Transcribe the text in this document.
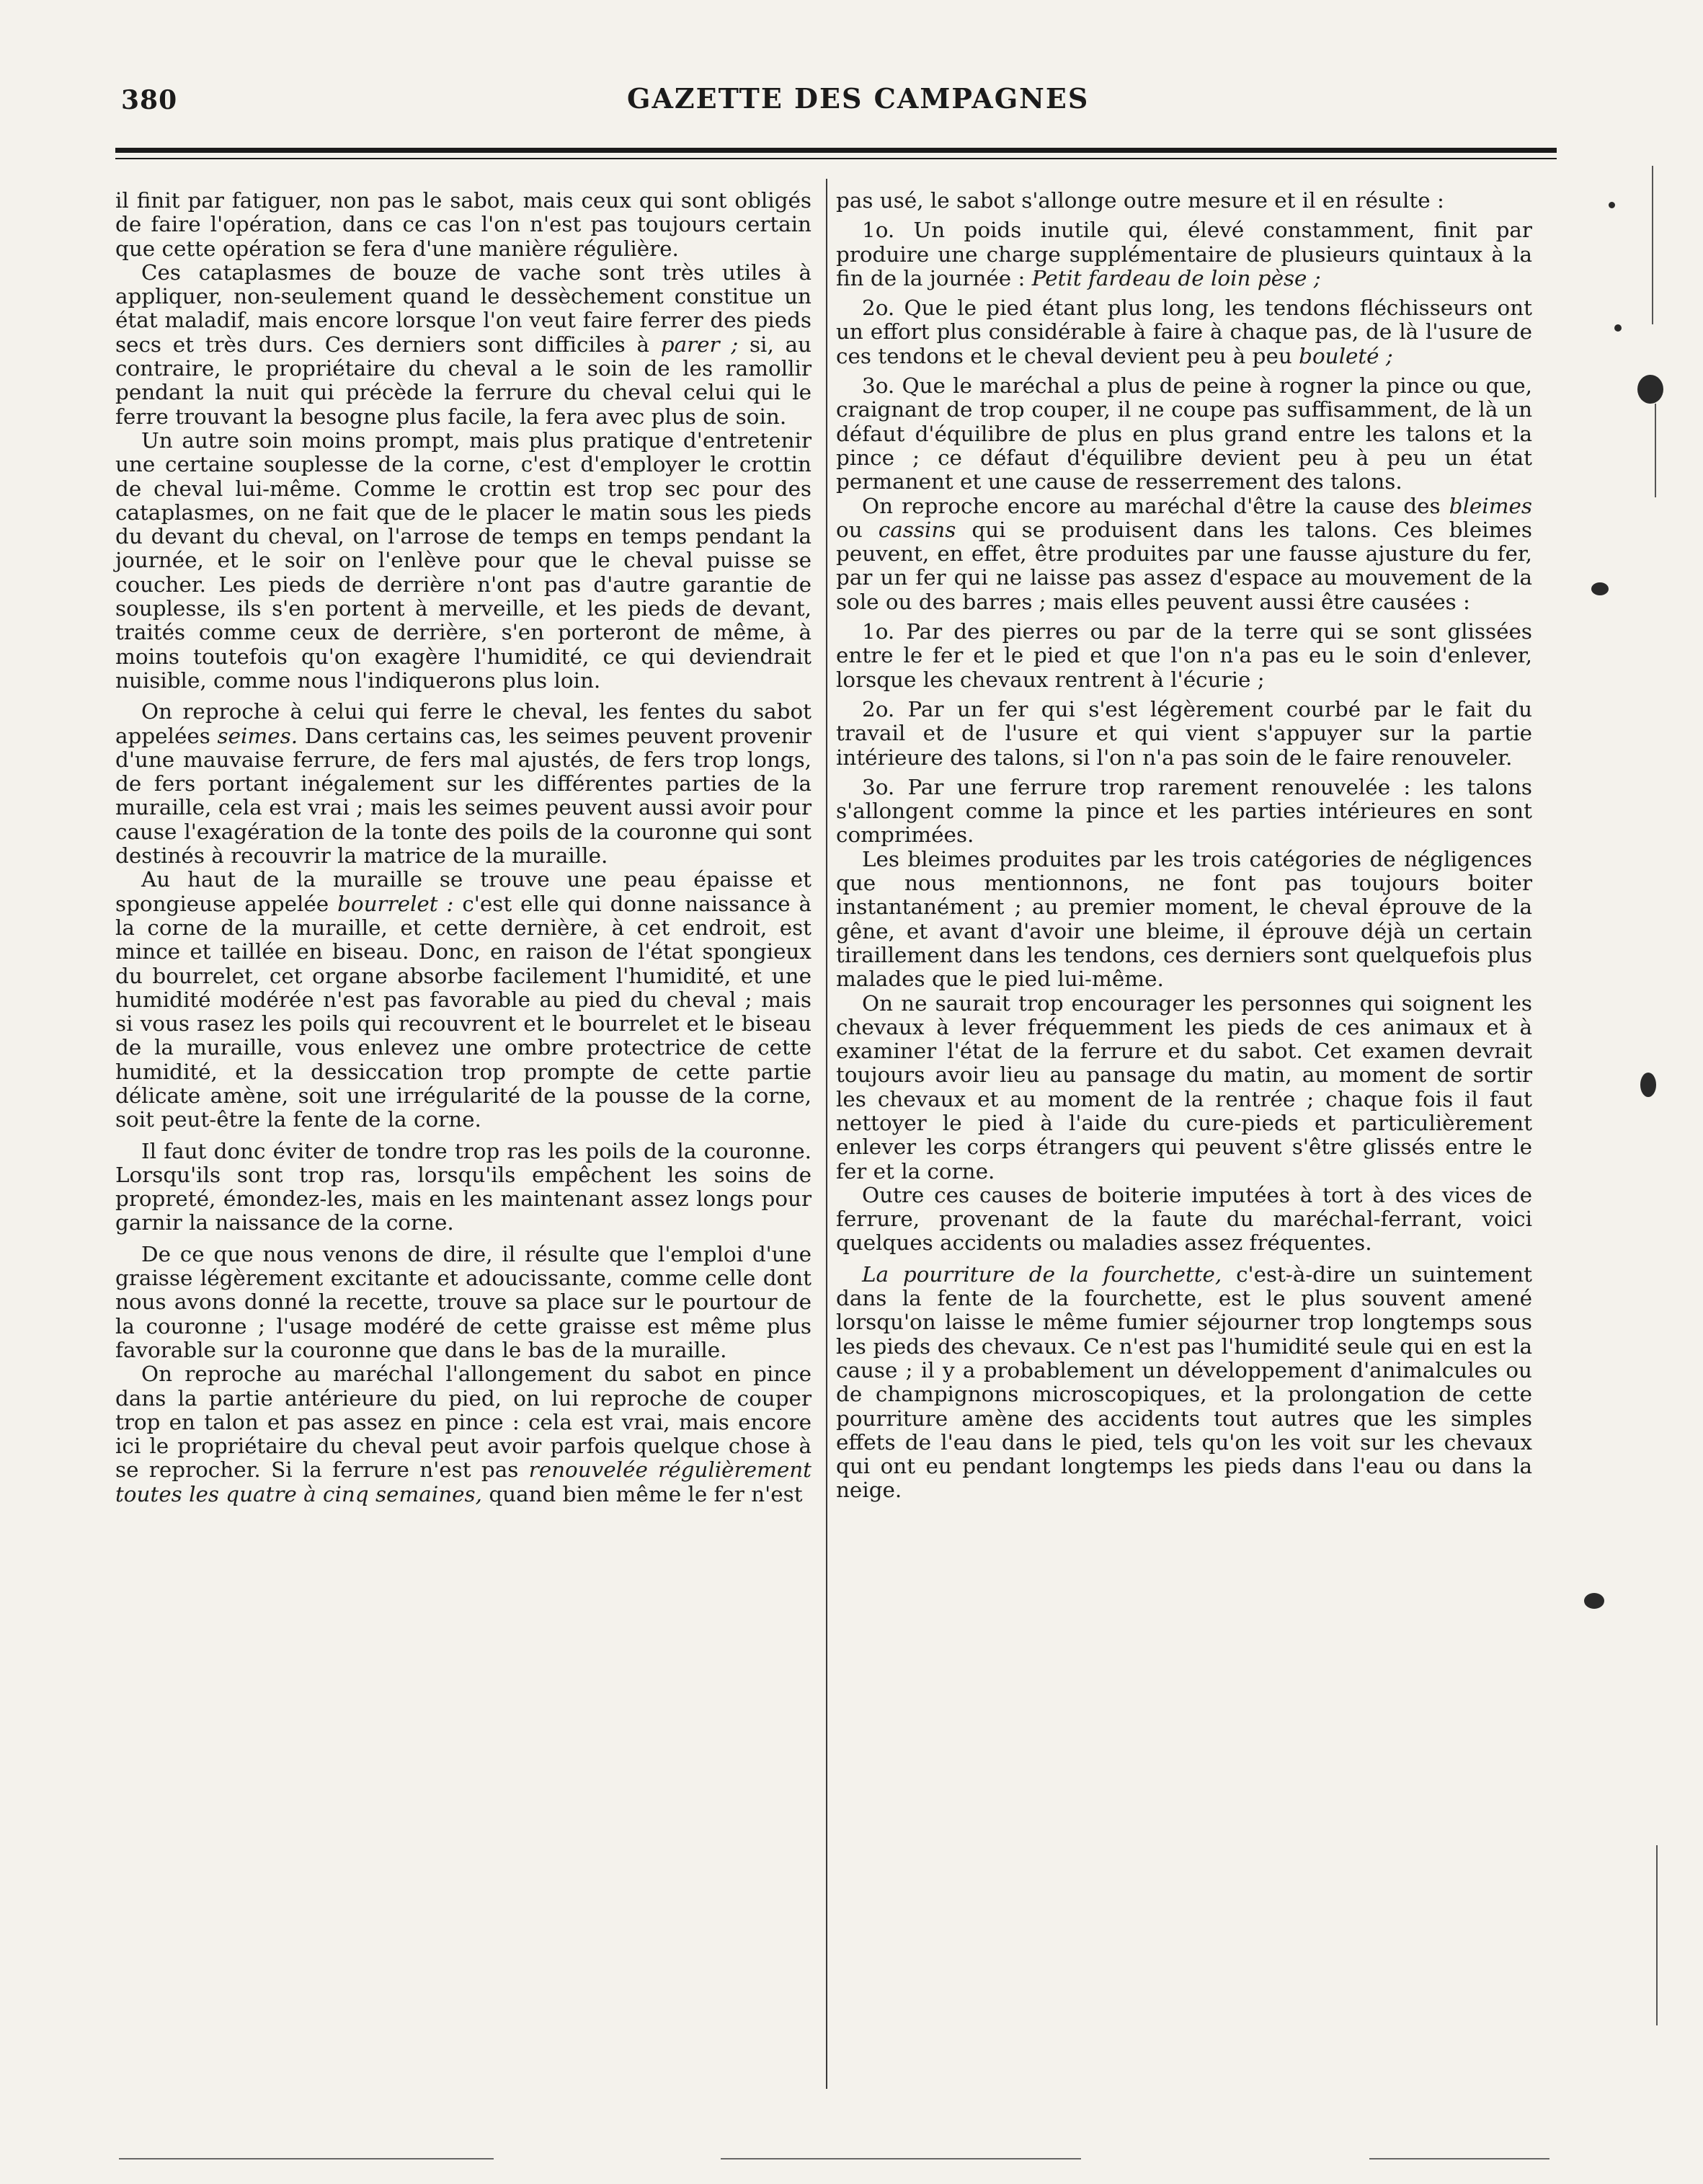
380	GAZETTE DES CAMPAGNES

il finit par fatiguer, non pas le sabot, mais ceux qui sont obligés de faire l'opération, dans ce cas l'on n'est pas toujours certain que cette opération se fera d'une manière régulière.

Ces cataplasmes de bouze de vache sont très utiles à appliquer, non-seulement quand le dessèchement constitue un état maladif, mais encore lorsque l'on veut faire ferrer des pieds secs et très durs. Ces derniers sont difficiles à parer ; si, au contraire, le propriétaire du cheval a le soin de les ramollir pendant la nuit qui précède la ferrure du cheval celui qui le ferre trouvant la besogne plus facile, la fera avec plus de soin.

Un autre soin moins prompt, mais plus pratique d'entretenir une certaine souplesse de la corne, c'est d'employer le crottin de cheval lui-même. Comme le crottin est trop sec pour des cataplasmes, on ne fait que de le placer le matin sous les pieds du devant du cheval, on l'arrose de temps en temps pendant la journée, et le soir on l'enlève pour que le cheval puisse se coucher. Les pieds de derrière n'ont pas d'autre garantie de souplesse, ils s'en portent à merveille, et les pieds de devant, traités comme ceux de derrière, s'en porteront de même, à moins toutefois qu'on exagère l'humidité, ce qui deviendrait nuisible, comme nous l'indiquerons plus loin.

On reproche à celui qui ferre le cheval, les fentes du sabot appelées seimes. Dans certains cas, les seimes peuvent provenir d'une mauvaise ferrure, de fers mal ajustés, de fers trop longs, de fers portant inégalement sur les différentes parties de la muraille, cela est vrai ; mais les seimes peuvent aussi avoir pour cause l'exagération de la tonte des poils de la couronne qui sont destinés à recouvrir la matrice de la muraille.

Au haut de la muraille se trouve une peau épaisse et spongieuse appelée bourrelet : c'est elle qui donne naissance à la corne de la muraille, et cette dernière, à cet endroit, est mince et taillée en biseau. Donc, en raison de l'état spongieux du bourrelet, cet organe absorbe facilement l'humidité, et une humidité modérée n'est pas favorable au pied du cheval ; mais si vous rasez les poils qui recouvrent et le bourrelet et le biseau de la muraille, vous enlevez une ombre protectrice de cette humidité, et la dessiccation trop prompte de cette partie délicate amène, soit une irrégularité de la pousse de la corne, soit peut-être la fente de la corne.

Il faut donc éviter de tondre trop ras les poils de la couronne. Lorsqu'ils sont trop ras, lorsqu'ils empêchent les soins de propreté, émondez-les, mais en les maintenant assez longs pour garnir la naissance de la corne.

De ce que nous venons de dire, il résulte que l'emploi d'une graisse légèrement excitante et adoucissante, comme celle dont nous avons donné la recette, trouve sa place sur le pourtour de la couronne ; l'usage modéré de cette graisse est même plus favorable sur la couronne que dans le bas de la muraille.

On reproche au maréchal l'allongement du sabot en pince dans la partie antérieure du pied, on lui reproche de couper trop en talon et pas assez en pince : cela est vrai, mais encore ici le propriétaire du cheval peut avoir parfois quelque chose à se reprocher. Si la ferrure n'est pas renouvelée régulièrement toutes les quatre à cinq semaines, quand bien même le fer n'est

pas usé, le sabot s'allonge outre mesure et il en résulte :

1o. Un poids inutile qui, élevé constamment, finit par produire une charge supplémentaire de plusieurs quintaux à la fin de la journée : Petit fardeau de loin pèse ;

2o. Que le pied étant plus long, les tendons fléchisseurs ont un effort plus considérable à faire à chaque pas, de là l'usure de ces tendons et le cheval devient peu à peu bouleté ;

3o. Que le maréchal a plus de peine à rogner la pince ou que, craignant de trop couper, il ne coupe pas suffisamment, de là un défaut d'équilibre de plus en plus grand entre les talons et la pince ; ce défaut d'équilibre devient peu à peu un état permanent et une cause de resserrement des talons.

On reproche encore au maréchal d'être la cause des bleimes ou cassins qui se produisent dans les talons. Ces bleimes peuvent, en effet, être produites par une fausse ajusture du fer, par un fer qui ne laisse pas assez d'espace au mouvement de la sole ou des barres ; mais elles peuvent aussi être causées :

1o. Par des pierres ou par de la terre qui se sont glissées entre le fer et le pied et que l'on n'a pas eu le soin d'enlever, lorsque les chevaux rentrent à l'écurie ;

2o. Par un fer qui s'est légèrement courbé par le fait du travail et de l'usure et qui vient s'appuyer sur la partie intérieure des talons, si l'on n'a pas soin de le faire renouveler.

3o. Par une ferrure trop rarement renouvelée : les talons s'allongent comme la pince et les parties intérieures en sont comprimées.

Les bleimes produites par les trois catégories de négligences que nous mentionnons, ne font pas toujours boiter instantanément ; au premier moment, le cheval éprouve de la gêne, et avant d'avoir une bleime, il éprouve déjà un certain tiraillement dans les tendons, ces derniers sont quelquefois plus malades que le pied lui-même.

On ne saurait trop encourager les personnes qui soignent les chevaux à lever fréquemment les pieds de ces animaux et à examiner l'état de la ferrure et du sabot. Cet examen devrait toujours avoir lieu au pansage du matin, au moment de sortir les chevaux et au moment de la rentrée ; chaque fois il faut nettoyer le pied à l'aide du cure-pieds et particulièrement enlever les corps étrangers qui peuvent s'être glissés entre le fer et la corne.

Outre ces causes de boiterie imputées à tort à des vices de ferrure, provenant de la faute du maréchal-ferrant, voici quelques accidents ou maladies assez fréquentes.

La pourriture de la fourchette, c'est-à-dire un suintement dans la fente de la fourchette, est le plus souvent amené lorsqu'on laisse le même fumier séjourner trop longtemps sous les pieds des chevaux. Ce n'est pas l'humidité seule qui en est la cause ; il y a probablement un développement d'animalcules ou de champignons microscopiques, et la prolongation de cette pourriture amène des accidents tout autres que les simples effets de l'eau dans le pied, tels qu'on les voit sur les chevaux qui ont eu pendant longtemps les pieds dans l'eau ou dans la neige.
